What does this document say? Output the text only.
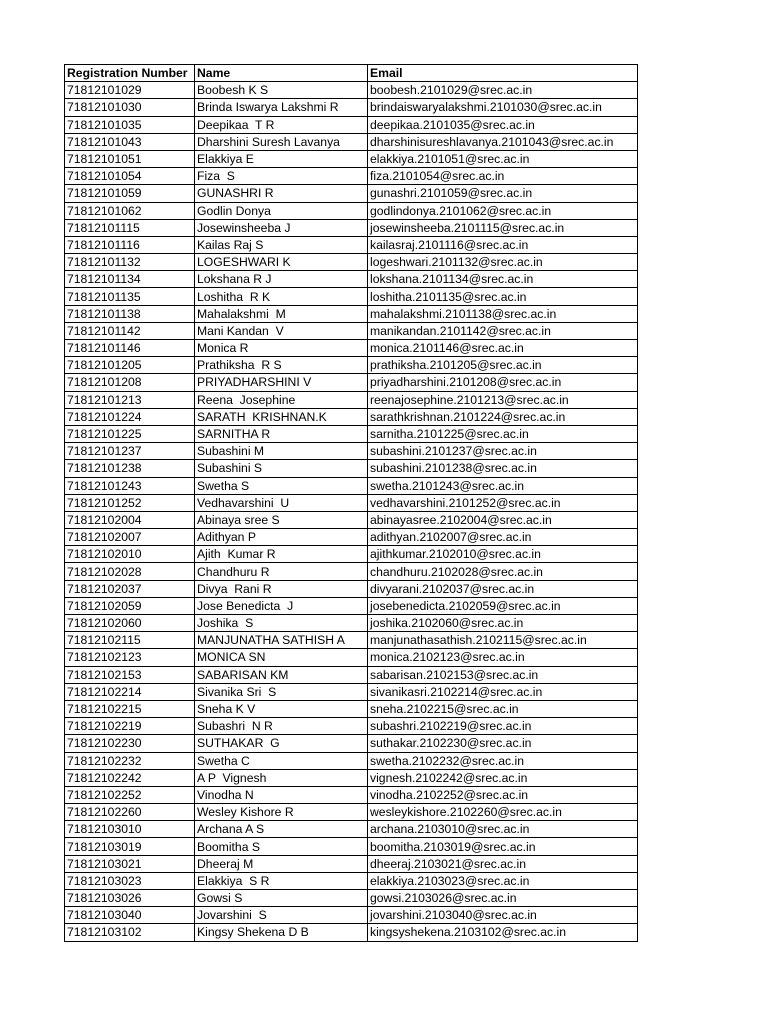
Registration Number	Name	Email
71812101029	Boobesh K S	boobesh.2101029@srec.ac.in
71812101030	Brinda Iswarya Lakshmi R	brindaiswaryalakshmi.2101030@srec.ac.in
71812101035	Deepikaa  T R	deepikaa.2101035@srec.ac.in
71812101043	Dharshini Suresh Lavanya	dharshinisureshlavanya.2101043@srec.ac.in
71812101051	Elakkiya E	elakkiya.2101051@srec.ac.in
71812101054	Fiza  S	fiza.2101054@srec.ac.in
71812101059	GUNASHRI R	gunashri.2101059@srec.ac.in
71812101062	Godlin Donya	godlindonya.2101062@srec.ac.in
71812101115	Josewinsheeba J	josewinsheeba.2101115@srec.ac.in
71812101116	Kailas Raj S	kailasraj.2101116@srec.ac.in
71812101132	LOGESHWARI K	logeshwari.2101132@srec.ac.in
71812101134	Lokshana R J	lokshana.2101134@srec.ac.in
71812101135	Loshitha  R K	loshitha.2101135@srec.ac.in
71812101138	Mahalakshmi  M	mahalakshmi.2101138@srec.ac.in
71812101142	Mani Kandan  V	manikandan.2101142@srec.ac.in
71812101146	Monica R	monica.2101146@srec.ac.in
71812101205	Prathiksha  R S	prathiksha.2101205@srec.ac.in
71812101208	PRIYADHARSHINI V	priyadharshini.2101208@srec.ac.in
71812101213	Reena  Josephine	reenajosephine.2101213@srec.ac.in
71812101224	SARATH  KRISHNAN.K	sarathkrishnan.2101224@srec.ac.in
71812101225	SARNITHA R	sarnitha.2101225@srec.ac.in
71812101237	Subashini M	subashini.2101237@srec.ac.in
71812101238	Subashini S	subashini.2101238@srec.ac.in
71812101243	Swetha S	swetha.2101243@srec.ac.in
71812101252	Vedhavarshini  U	vedhavarshini.2101252@srec.ac.in
71812102004	Abinaya sree S	abinayasree.2102004@srec.ac.in
71812102007	Adithyan P	adithyan.2102007@srec.ac.in
71812102010	Ajith  Kumar R	ajithkumar.2102010@srec.ac.in
71812102028	Chandhuru R	chandhuru.2102028@srec.ac.in
71812102037	Divya  Rani R	divyarani.2102037@srec.ac.in
71812102059	Jose Benedicta  J	josebenedicta.2102059@srec.ac.in
71812102060	Joshika  S	joshika.2102060@srec.ac.in
71812102115	MANJUNATHA SATHISH A	manjunathasathish.2102115@srec.ac.in
71812102123	MONICA SN	monica.2102123@srec.ac.in
71812102153	SABARISAN KM	sabarisan.2102153@srec.ac.in
71812102214	Sivanika Sri  S	sivanikasri.2102214@srec.ac.in
71812102215	Sneha K V	sneha.2102215@srec.ac.in
71812102219	Subashri  N R	subashri.2102219@srec.ac.in
71812102230	SUTHAKAR  G	suthakar.2102230@srec.ac.in
71812102232	Swetha C	swetha.2102232@srec.ac.in
71812102242	A P  Vignesh	vignesh.2102242@srec.ac.in
71812102252	Vinodha N	vinodha.2102252@srec.ac.in
71812102260	Wesley Kishore R	wesleykishore.2102260@srec.ac.in
71812103010	Archana A S	archana.2103010@srec.ac.in
71812103019	Boomitha S	boomitha.2103019@srec.ac.in
71812103021	Dheeraj M	dheeraj.2103021@srec.ac.in
71812103023	Elakkiya  S R	elakkiya.2103023@srec.ac.in
71812103026	Gowsi S	gowsi.2103026@srec.ac.in
71812103040	Jovarshini  S	jovarshini.2103040@srec.ac.in
71812103102	Kingsy Shekena D B	kingsyshekena.2103102@srec.ac.in
